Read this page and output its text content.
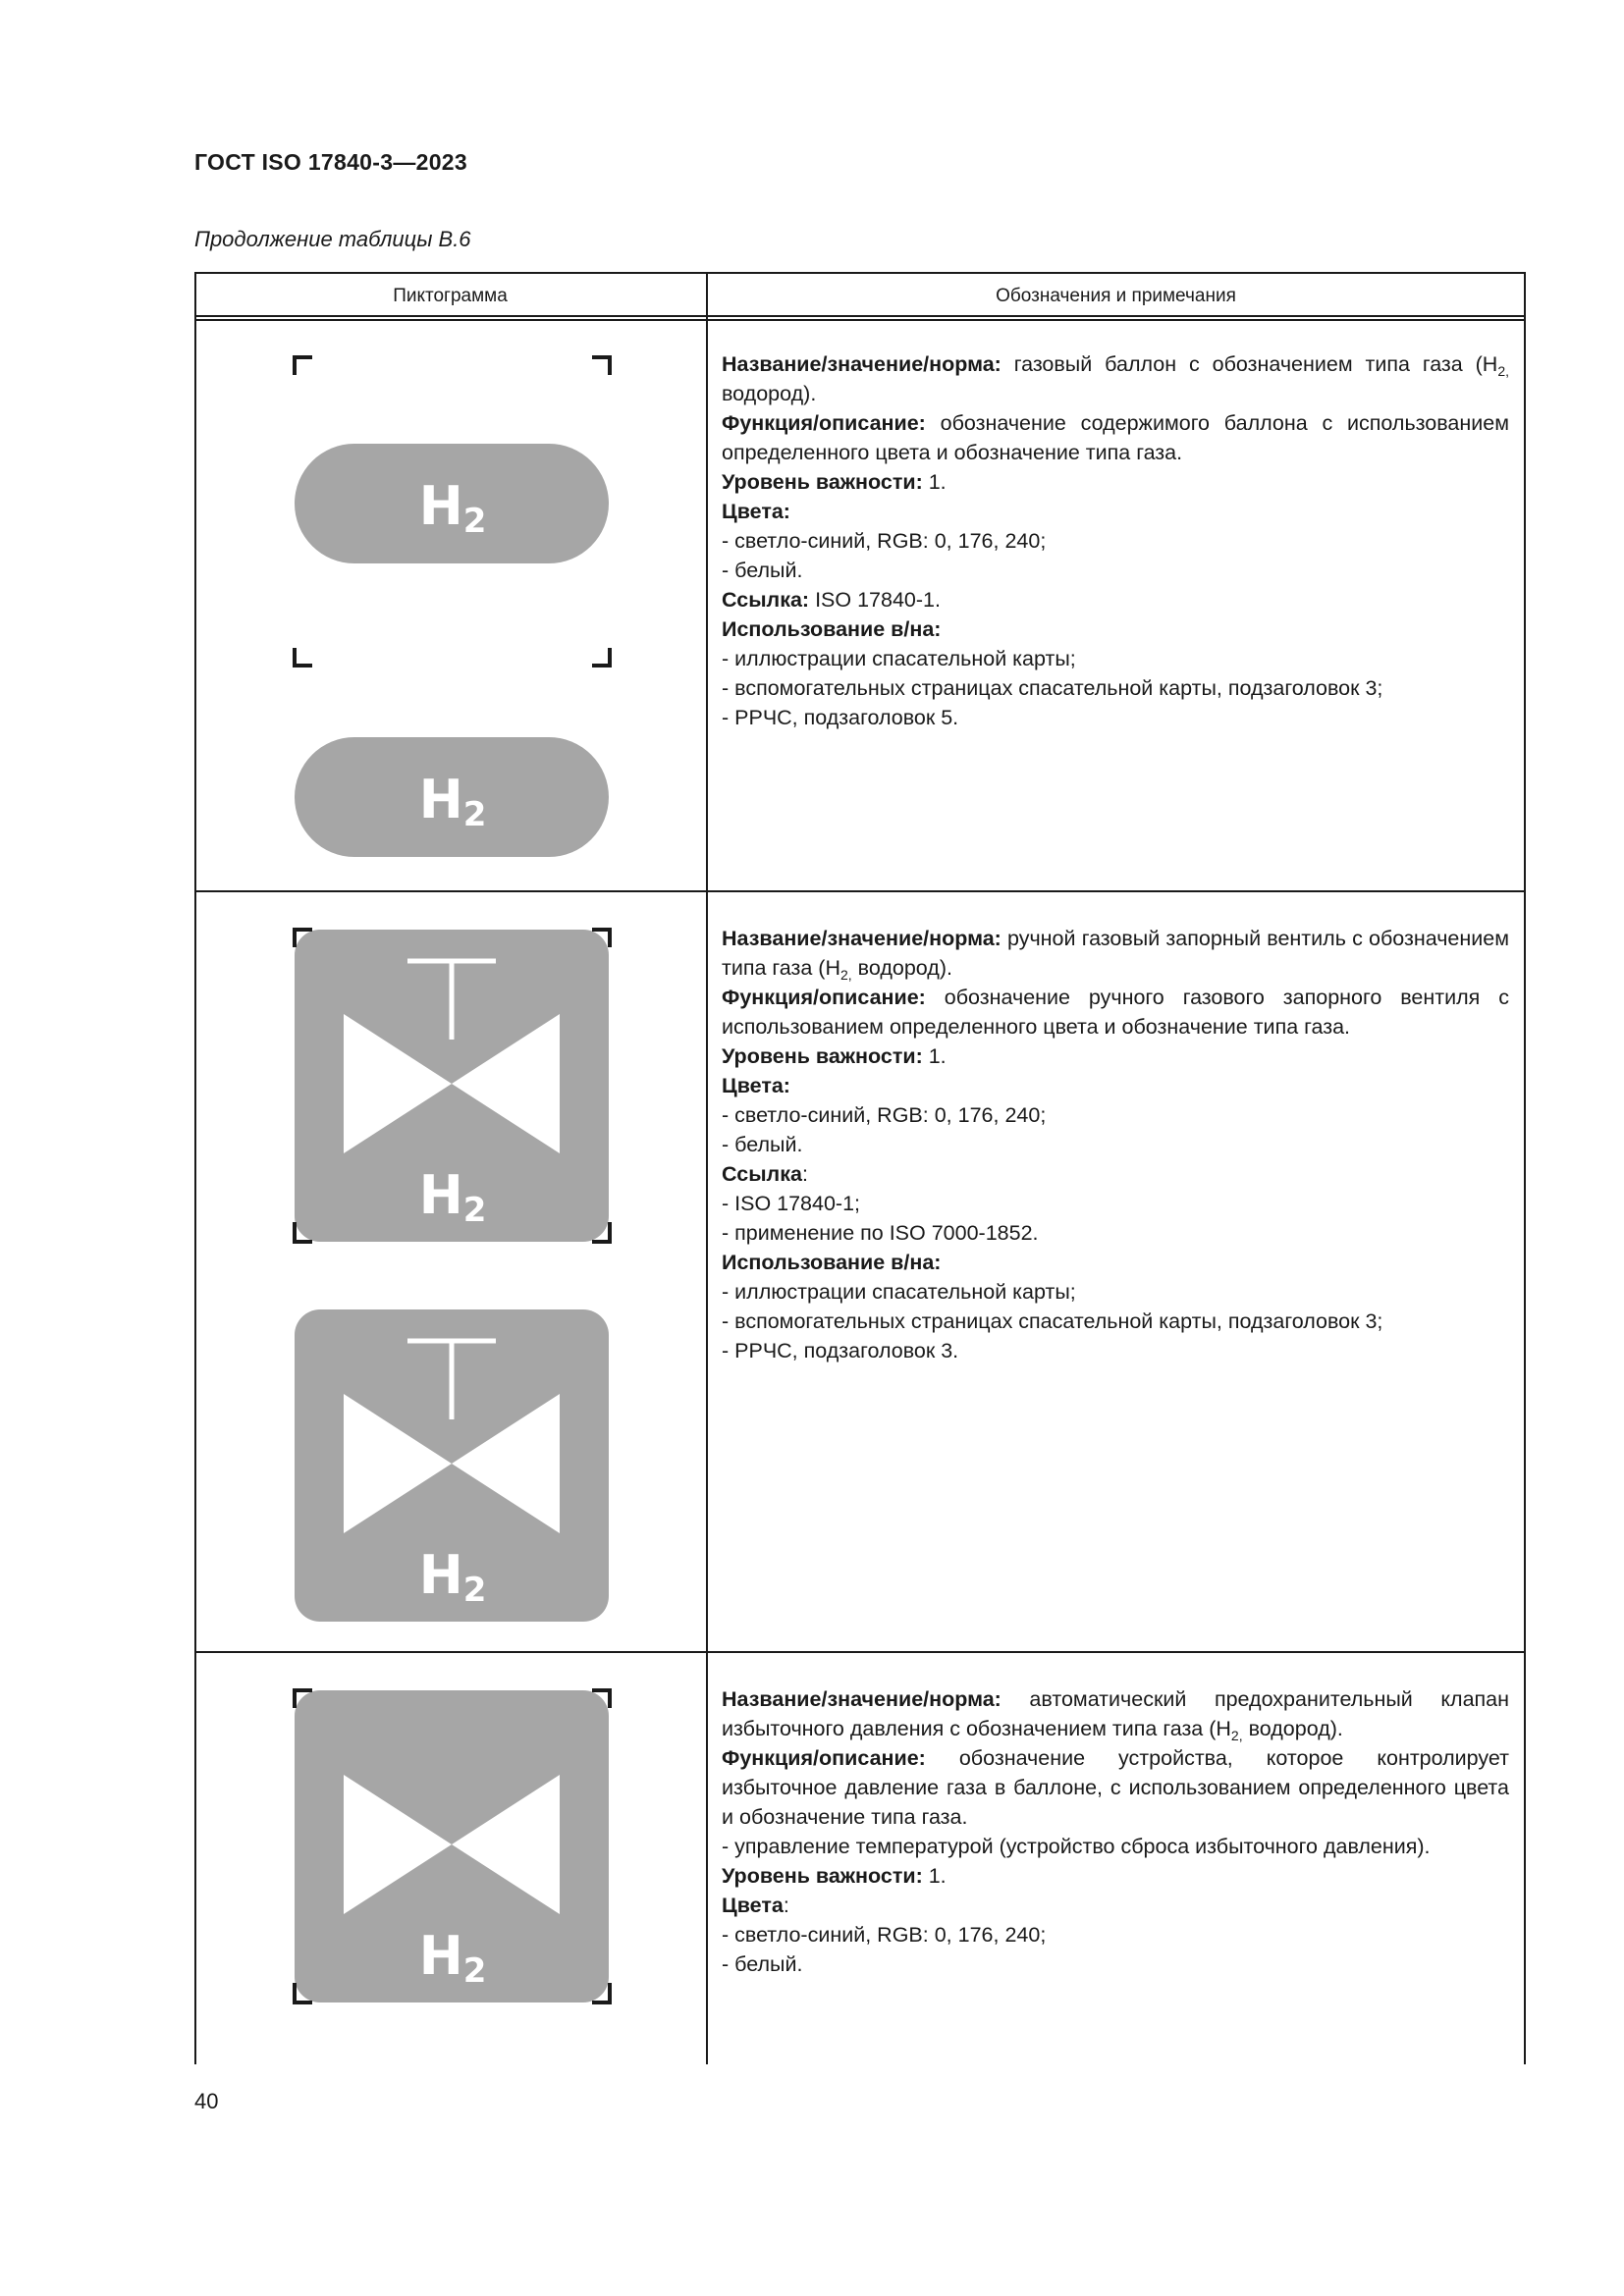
ГОСТ ISO 17840-3—2023
Продолжение таблицы В.6
Пиктограмма	Обозначения и примечания
H2
H2
H2
H2
H2

Название/значение/норма: газовый баллон с обозначением типа газа ($H_{2,}$ водород).

Функция/описание: обозначение содержимого баллона с использованием определенного цвета и обозначение типа газа.

Уровень важности: 1.

Цвета:

- светло-синий, RGB: 0, 176, 240;

- белый.

Ссылка: ISO 17840-1.

Использование в/на:

- иллюстрации спасательной карты;

- вспомогательных страницах спасательной карты, подзаголовок 3;

- РРЧС, подзаголовок 5.

Название/значение/норма: ручной газовый запорный вентиль с обозначением типа газа ($H_{2,}$ водород).

Функция/описание: обозначение ручного газового запорного вентиля с использованием определенного цвета и обозначение типа газа.

Уровень важности: 1.

Цвета:

- светло-синий, RGB: 0, 176, 240;

- белый.

Ссылка:

- ISO 17840-1;

- применение по ISO 7000-1852.

Использование в/на:

- иллюстрации спасательной карты;

- вспомогательных страницах спасательной карты, подзаголовок 3;

- РРЧС, подзаголовок 3.

Название/значение/норма: автоматический предохранительный клапан избыточного давления с обозначением типа газа ($H_{2,}$ водород).

Функция/описание: обозначение устройства, которое контролирует избыточное давление газа в баллоне, с использованием определенного цвета и обозначение типа газа.

- управление температурой (устройство сброса избыточного давления).

Уровень важности: 1.

Цвета:

- светло-синий, RGB: 0, 176, 240;

- белый.

40
